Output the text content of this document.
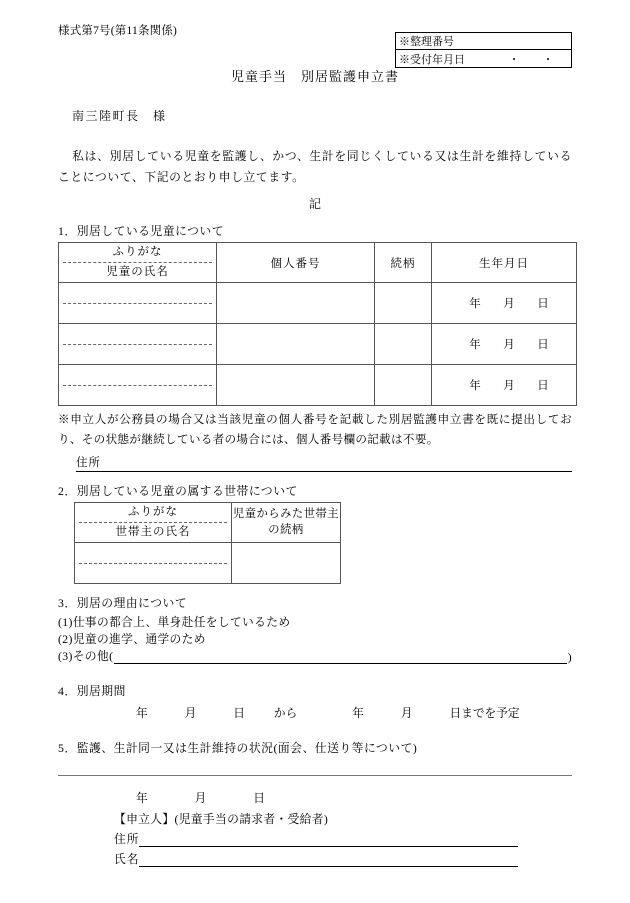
様式第7号(第11条関係)
※整理番号
※受付年月日	・	・
児童手当　別居監護申立書
南三陸町長　様
私は、別居している児童を監護し、かつ、生計を同じくしている又は生計を維持していることについて、下記のとおり申し立てます。
記
1．別居している児童について
ふりがな
児童の氏名	個人番号	続柄	生年月日

			年 月 日

			年 月 日

			年 月 日
※申立人が公務員の場合又は当該児童の個人番号を記載した別居監護申立書を既に提出しており、その状態が継続している者の場合には、個人番号欄の記載は不要。
住所
2．別居している児童の属する世帯について
ふりがな
世帯主の氏名	児童からみた世帯主の続柄

3．別居の理由について
(1)仕事の都合上、単身赴任をしているため
(2)児童の進学、通学のため
(3)その他(	)
4．別居期間
年	月	日 から	年	月	日までを予定
5．監護、生計同一又は生計維持の状況(面会、仕送り等について)
年	月	日
【申立人】(児童手当の請求者・受給者)
住所
氏名
